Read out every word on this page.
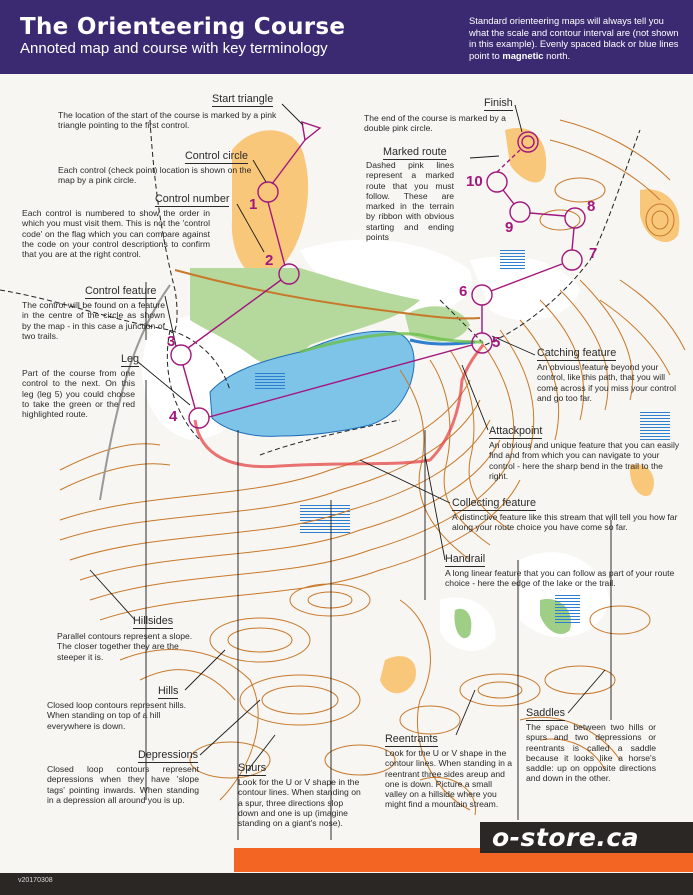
The Orienteering Course
Annoted map and course with key terminology
Standard orienteering maps will always tell you what the scale and contour interval are (not shown in this example). Evenly spaced black or blue lines point to magnetic north.
1
2
3
4
5
6
7
8
9
10
Start triangle
The location of the start of the course is marked by a pink triangle pointing to the first control.
Control circle
Each control (check point) location is shown on the map by a pink circle.
Control number
Each control is numbered to show the order in which you must visit them. This is not the 'control code' on the flag which you can compare against the code on your control descriptions to confirm that you are at the right control.
Control feature
The control will be found on a feature in the centre of the circle as shown by the map - in this case a junction of two trails.
Leg
Part of the course from one control to the next. On this leg (leg 5) you could choose to take the green or the red highlighted route.
Finish
The end of the course is marked by a double pink circle.
Marked route
Dashed pink lines represent a marked route that you must follow. These are marked in the terrain by ribbon with obvious starting and ending points
Catching feature
An obvious feature beyond your control, like this path, that you will come across if you miss your control and go too far.
Attackpoint
An obvious and unique feature that you can easily find and from which you can navigate to your control - here the sharp bend in the trail to the right.
Collecting feature
A distinctive feature like this stream that will tell you how far along your route choice you have come so far.
Handrail
A long linear feature that you can follow as part of your route choice - here the edge of the lake or the trail.
Hillsides
Parallel contours represent a slope. The closer together they are the steeper it is.
Hills
Closed loop contours represent hills. When standing on top of a hill everywhere is down.
Depressions
Closed loop contours represent depressions when they have 'slope tags' pointing inwards. When standing in a depression all around you is up.
Spurs
Look for the U or V shape in the contour lines. When standing on a spur, three directions slop down and one is up (imagine standing on a giant's nose).
Reentrants
Look for the U or V shape in the contour lines. When standing in a reentrant three sides areup and one is down. Picture a small valley on a hillside where you might find a mountain stream.
Saddles
The space between two hills or spurs and two depressions or reentrants is called a saddle because it looks like a horse's saddle: up on opposite directions and down in the other.
o-store.ca
v20170308
